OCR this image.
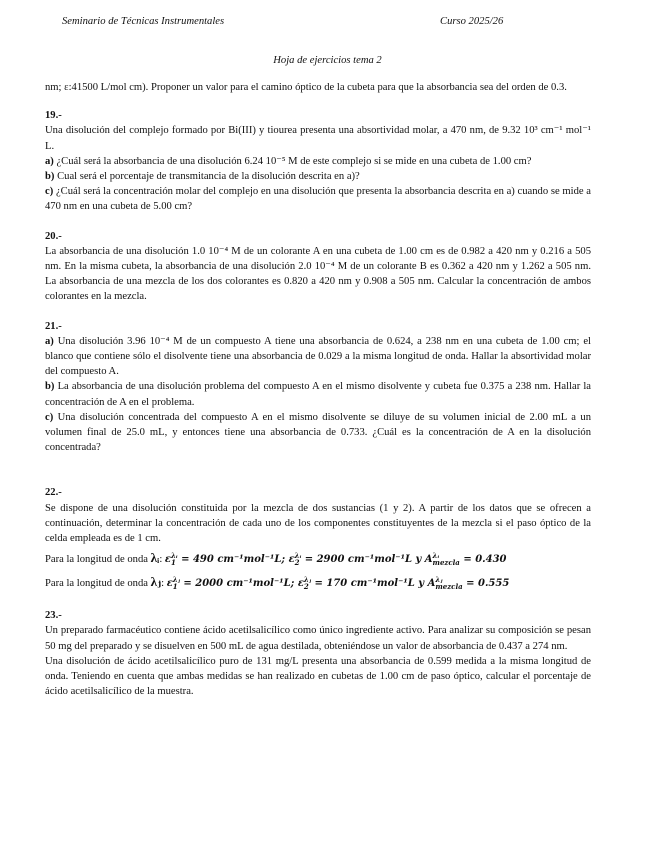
Seminario de Técnicas Instrumentales	Curso 2025/26
Hoja de ejercicios tema 2

nm; ε:41500 L/mol cm). Proponer un valor para el camino óptico de la cubeta para que la absorbancia sea del orden de 0.3.

19.-

Una disolución del complejo formado por Bi(III) y tiourea presenta una absortividad molar, a 470 nm, de 9.32 10³ cm⁻¹ mol⁻¹ L.

a) ¿Cuál será la absorbancia de una disolución 6.24 10⁻⁵ M de este complejo si se mide en una cubeta de 1.00 cm?

b) Cual será el porcentaje de transmitancia de la disolución descrita en a)?

c) ¿Cuál será la concentración molar del complejo en una disolución que presenta la absorbancia descrita en a) cuando se mide a 470 nm en una cubeta de 5.00 cm?

20.-

La absorbancia de una disolución 1.0 10⁻⁴ M de un colorante A en una cubeta de 1.00 cm es de 0.982 a 420 nm y 0.216 a 505 nm. En la misma cubeta, la absorbancia de una disolución 2.0 10⁻⁴ M de un colorante B es 0.362 a 420 nm y 1.262 a 505 nm. La absorbancia de una mezcla de los dos colorantes es 0.820 a 420 nm y 0.908 a 505 nm. Calcular la concentración de ambos colorantes en la mezcla.

21.-

a) Una disolución 3.96 10⁻⁴ M de un compuesto A tiene una absorbancia de 0.624, a 238 nm en una cubeta de 1.00 cm; el blanco que contiene sólo el disolvente tiene una absorbancia de 0.029 a la misma longitud de onda. Hallar la absortividad molar del compuesto A.

b) La absorbancia de una disolución problema del compuesto A en el mismo disolvente y cubeta fue 0.375 a 238 nm. Hallar la concentración de A en el problema.

c) Una disolución concentrada del compuesto A en el mismo disolvente se diluye de su volumen inicial de 2.00 mL a un volumen final de 25.0 mL, y entonces tiene una absorbancia de 0.733. ¿Cuál es la concentración de A en la disolución concentrada?

22.-

Se dispone de una disolución constituida por la mezcla de dos sustancias (1 y 2). A partir de los datos que se ofrecen a continuación, determinar la concentración de cada uno de los componentes constituyentes de la mezcla si el paso óptico de la celda empleada es de 1 cm.

Para la longitud de onda λᵢ: ελᵢ
1 = 490 cm⁻¹mol⁻¹L; ελᵢ
2 = 2900 cm⁻¹mol⁻¹L y Aλᵢ
mezcla = 0.430

Para la longitud de onda λⱼ: ελⱼ
1 = 2000 cm⁻¹mol⁻¹L; ελⱼ
2 = 170 cm⁻¹mol⁻¹L y Aλⱼ
mezcla = 0.555

23.-

Un preparado farmacéutico contiene ácido acetilsalicílico como único ingrediente activo. Para analizar su composición se pesan 50 mg del preparado y se disuelven en 500 mL de agua destilada, obteniéndose un valor de absorbancia de 0.437 a 274 nm.

Una disolución de ácido acetilsalicílico puro de 131 mg/L presenta una absorbancia de 0.599 medida a la misma longitud de onda. Teniendo en cuenta que ambas medidas se han realizado en cubetas de 1.00 cm de paso óptico, calcular el porcentaje de ácido acetilsalicílico de la muestra.
